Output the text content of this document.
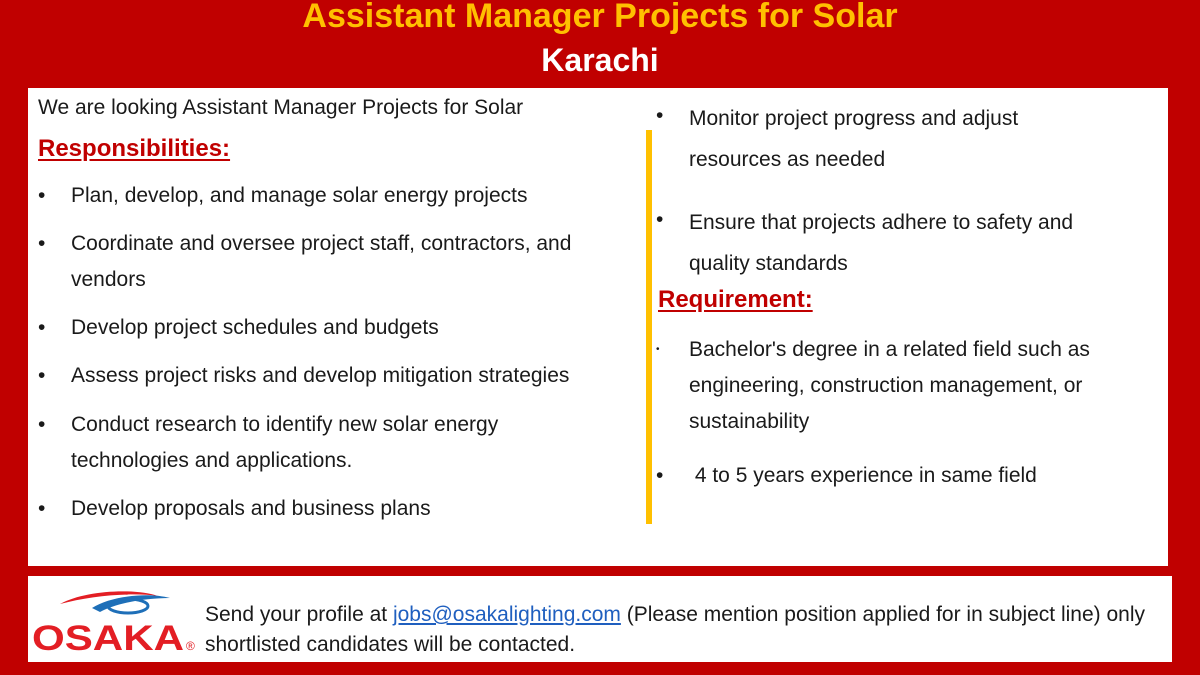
Assistant Manager Projects for Solar
Karachi
We are looking Assistant Manager Projects for Solar
Responsibilities:
• Plan, develop, and manage solar energy projects
• Coordinate and oversee project staff, contractors, and vendors
• Develop project schedules and budgets
• Assess project risks and develop mitigation strategies
• Conduct research to identify new solar energy technologies and applications.
• Develop proposals and business plans
• Monitor project progress and adjust resources as needed
• Ensure that projects adhere to safety and quality standards
Requirement:
• Bachelor's degree in a related field such as engineering, construction management, or sustainability
• 4 to 5 years experience in same field
OSAKA ®
Send your profile at jobs@osakalighting.com (Please mention position applied for in subject line) only shortlisted candidates will be contacted.
